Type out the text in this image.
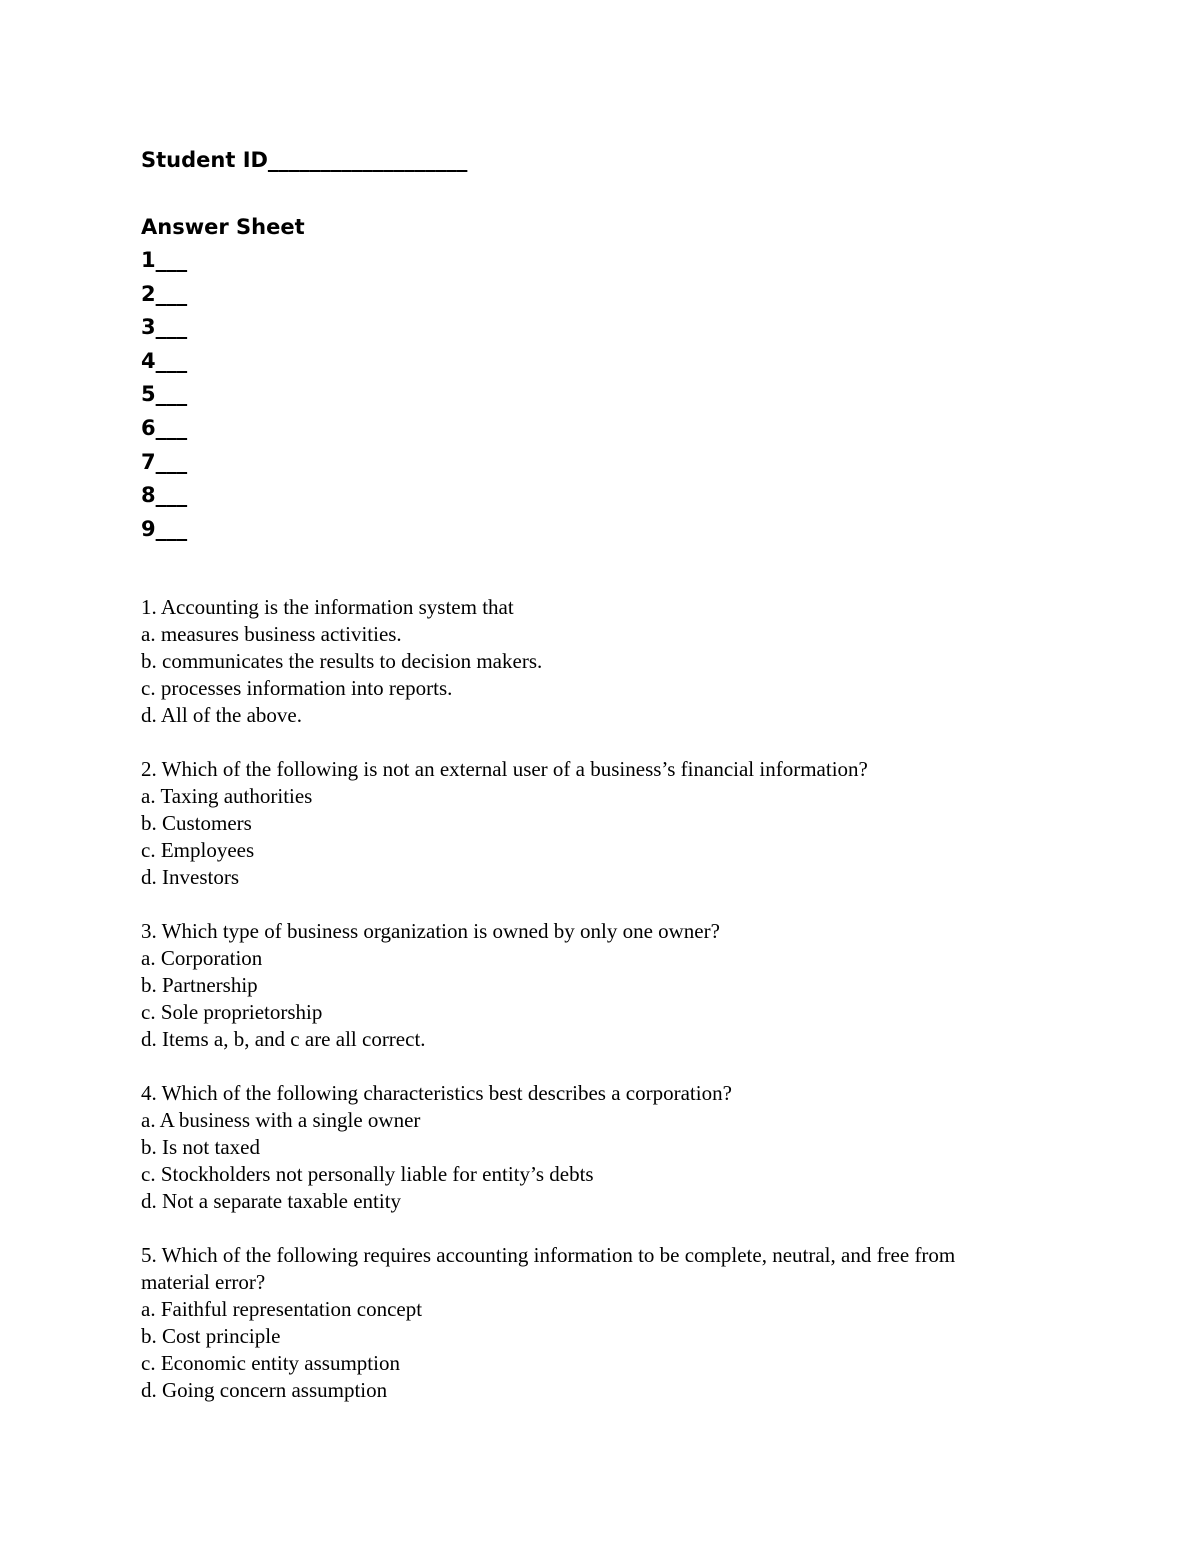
Student ID___________________
Answer Sheet
1___
2___
3___
4___
5___
6___
7___
8___
9___
1. Accounting is the information system that
a. measures business activities.
b. communicates the results to decision makers.
c. processes information into reports.
d. All of the above.
2. Which of the following is not an external user of a business’s financial information?
a. Taxing authorities
b. Customers
c. Employees
d. Investors
3. Which type of business organization is owned by only one owner?
a. Corporation
b. Partnership
c. Sole proprietorship
d. Items a, b, and c are all correct.
4. Which of the following characteristics best describes a corporation?
a. A business with a single owner
b. Is not taxed
c. Stockholders not personally liable for entity’s debts
d. Not a separate taxable entity
5. Which of the following requires accounting information to be complete, neutral, and free from material error?
a. Faithful representation concept
b. Cost principle
c. Economic entity assumption
d. Going concern assumption
